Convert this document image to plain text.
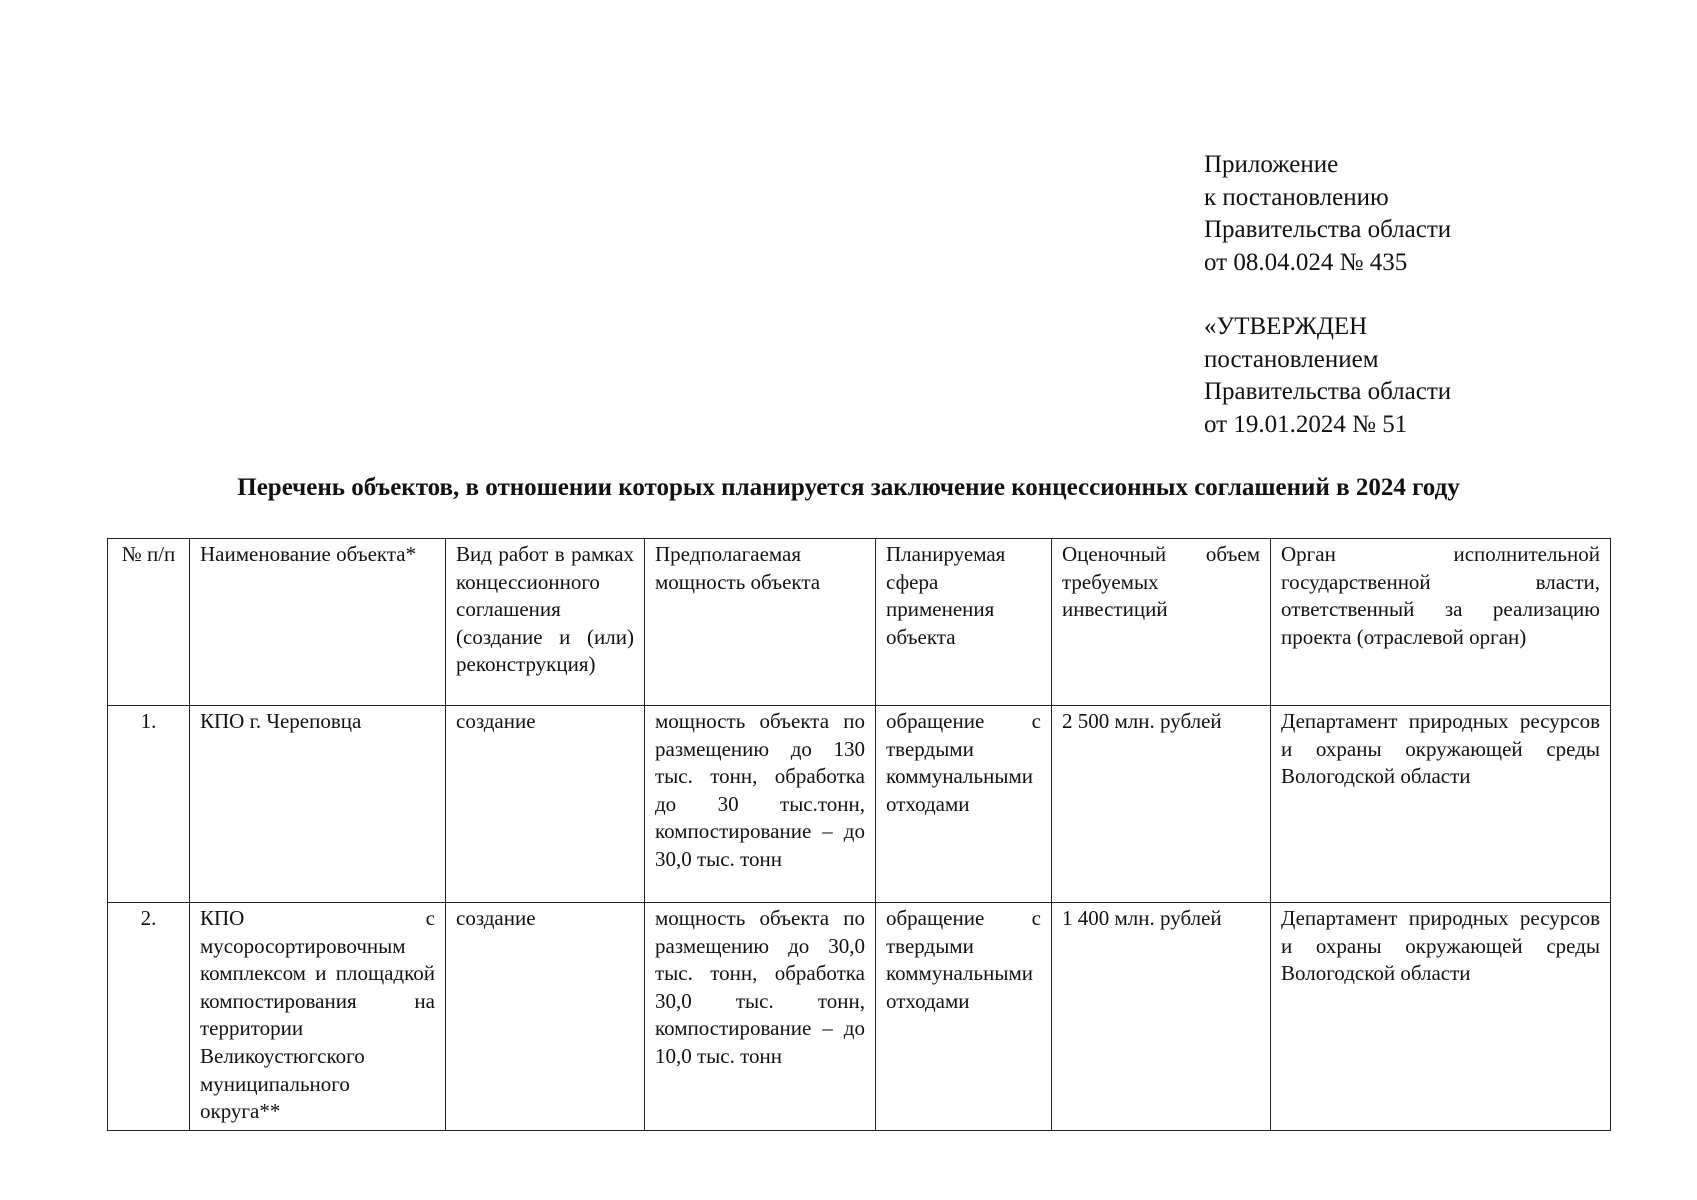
Приложение
к постановлению
Правительства области
от 08.04.024 № 435
«УТВЕРЖДЕН
постановлением
Правительства области
от 19.01.2024 № 51
Перечень объектов, в отношении которых планируется заключение концессионных соглашений в 2024 году
№ п/п	Наименование объекта*	Вид работ в рамках концессионного соглашения (создание и (или) реконструкция)	Предполагаемая мощность объекта	Планируемая сфера применения объекта	Оценочный объем требуемых инвестиций	Орган исполнительной государственной власти, ответственный за реализацию проекта (отраслевой орган)
1.	КПО г. Череповца	создание	мощность объекта по размещению до 130 тыс. тонн, обработка до 30 тыс.тонн, компостирование – до 30,0 тыс. тонн	обращение с твердыми коммунальными отходами	2 500 млн. рублей	Департамент природных ресурсов и охраны окружающей среды Вологодской области
2.	КПО с мусоросортировочным комплексом и площадкой компостирования на территории Великоустюгского муниципального округа**	создание	мощность объекта по размещению до 30,0 тыс. тонн, обработка 30,0 тыс. тонн, компостирование – до 10,0 тыс. тонн	обращение с твердыми коммунальными отходами	1 400 млн. рублей	Департамент природных ресурсов и охраны окружающей среды Вологодской области
